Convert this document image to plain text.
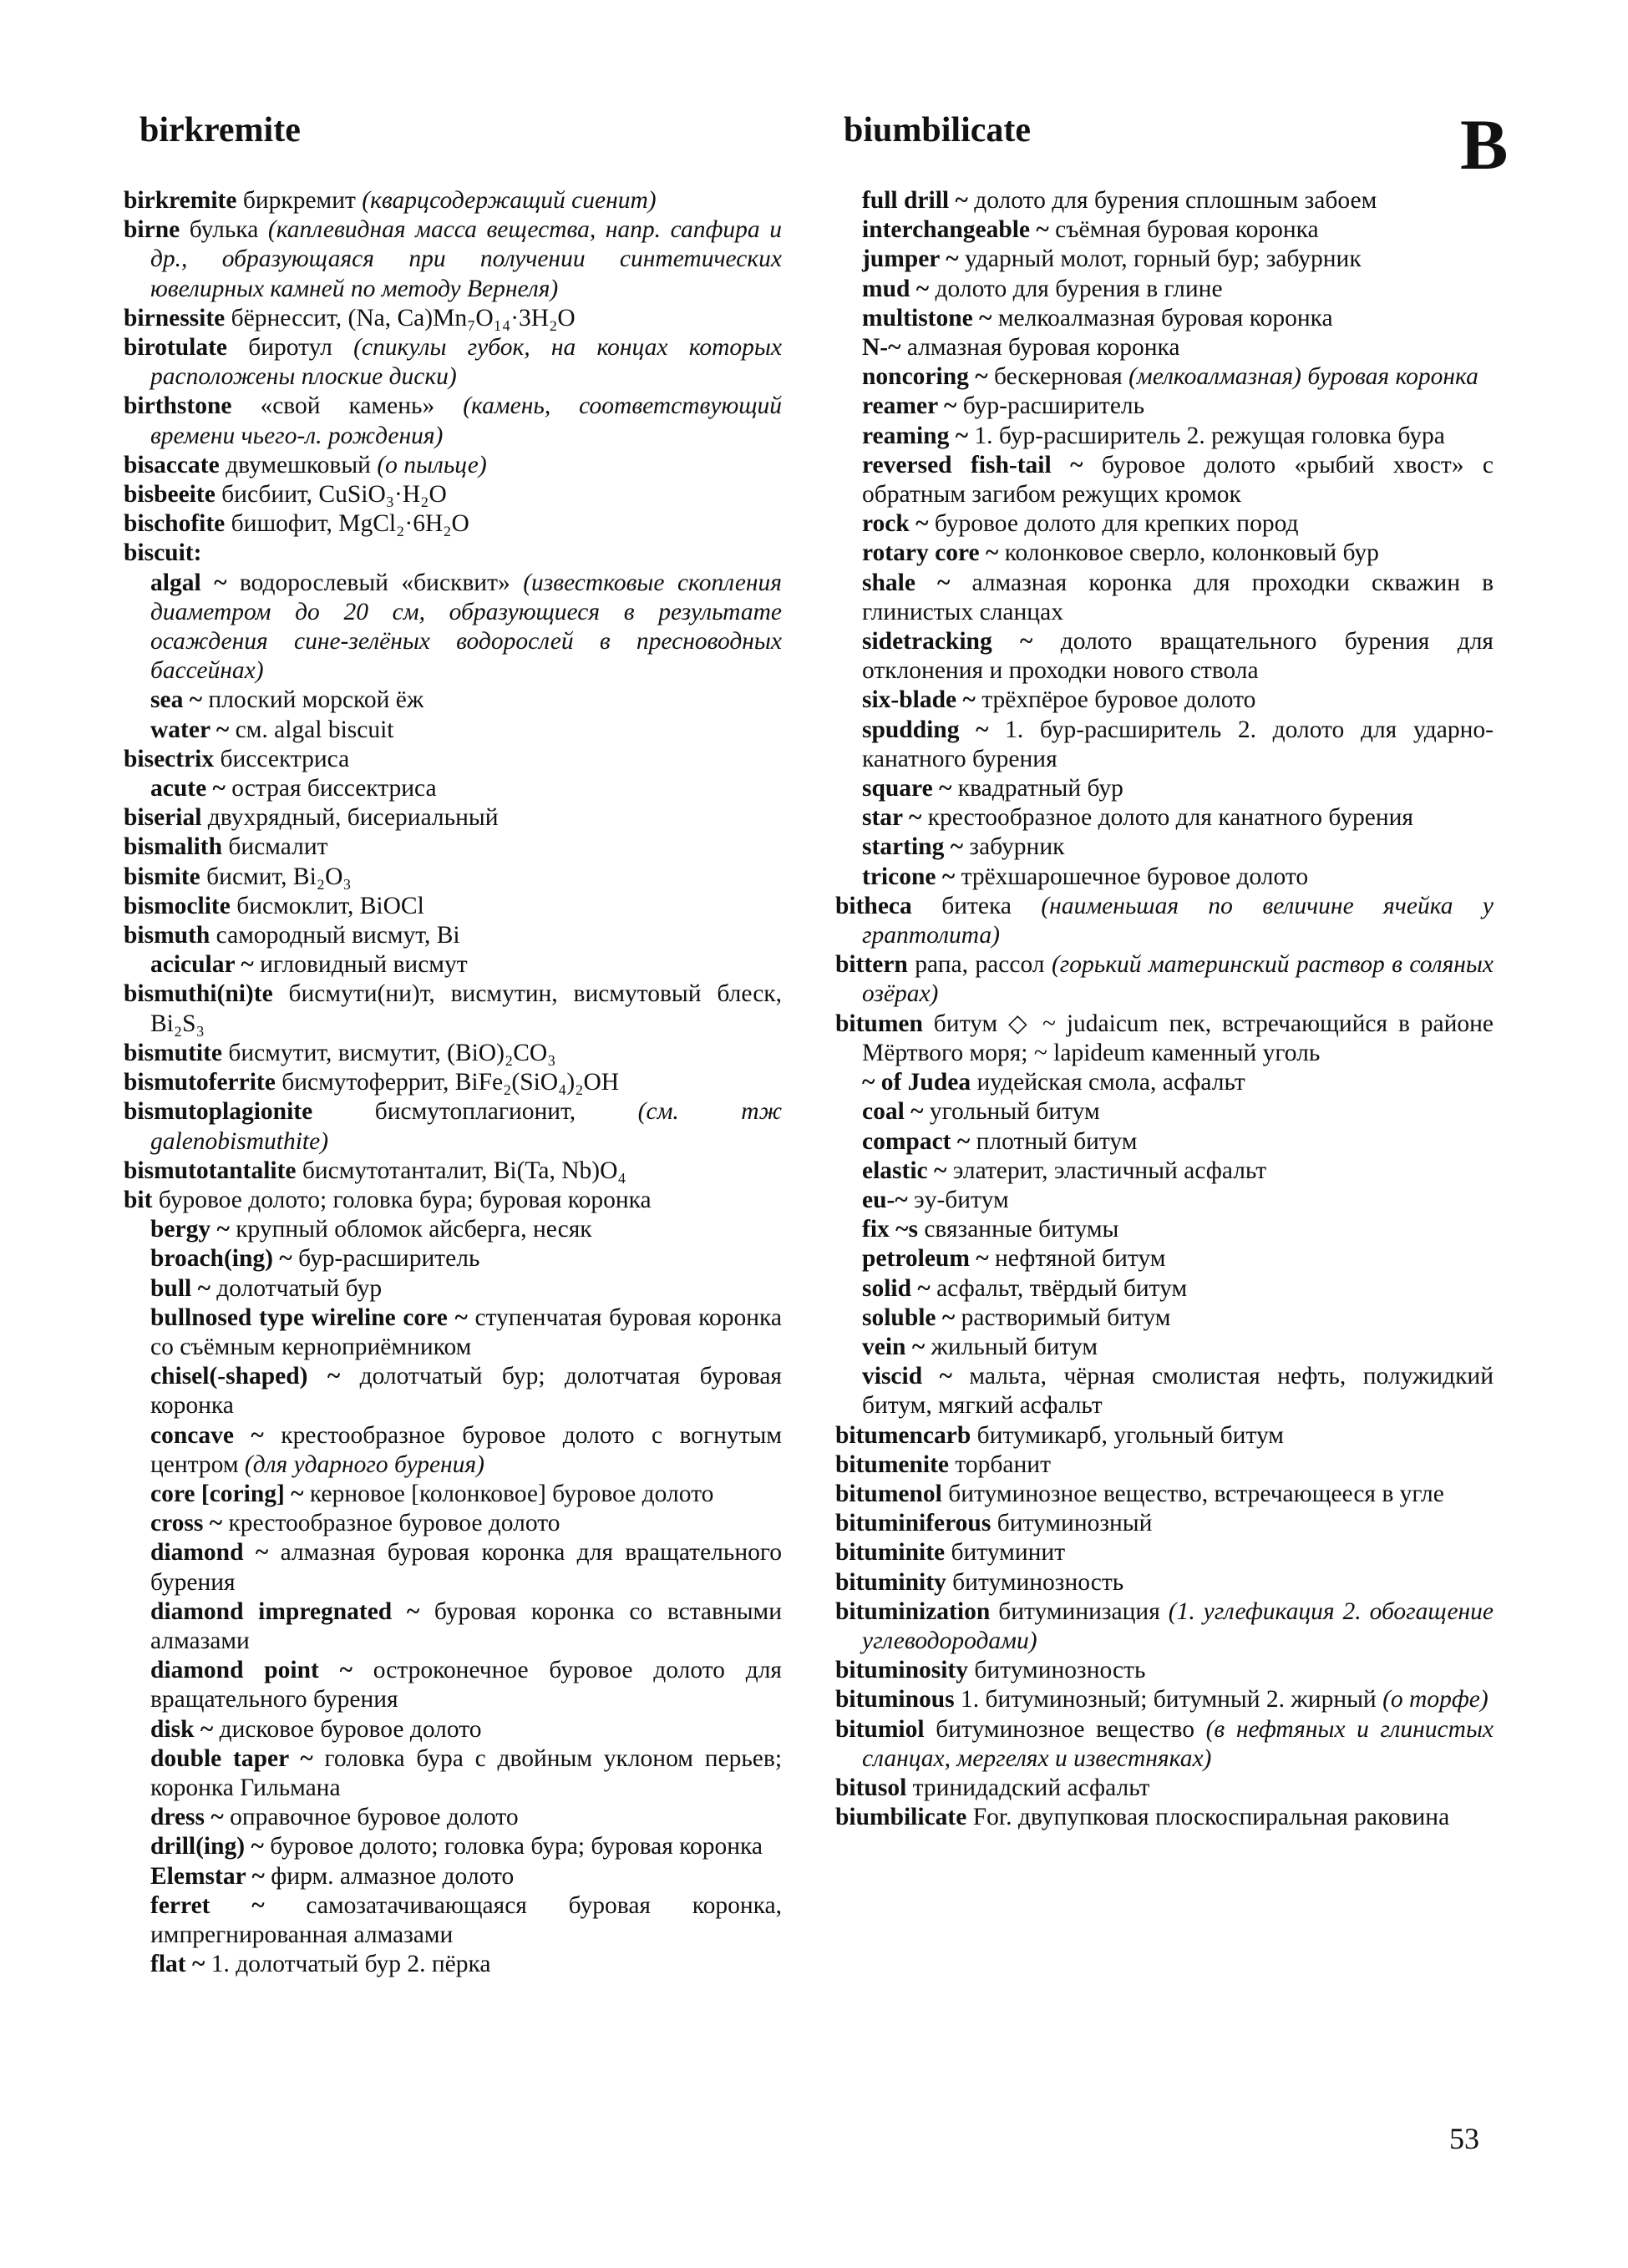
birkremite	biumbilicate	B

birkremite биркремит (кварцсодержащий сиенит)

birne булька (каплевидная масса вещества, напр. сапфира и др., образующаяся при получении синтетических ювелирных камней по методу Вернеля)

birnessite бёрнессит, (Na, Ca)Mn₇O₁₄·3H₂O

birotulate биротул (спикулы губок, на концах которых расположены плоские диски)

birthstone «свой камень» (камень, соответствующий времени чьего-л. рождения)

bisaccate двумешковый (о пыльце)

bisbeeite бисбиит, CuSiO₃·H₂O

bischofite бишофит, MgCl₂·6H₂O

biscuit:

algal ~ водорослевый «бисквит» (известковые скопления диаметром до 20 см, образующиеся в результате осаждения сине-зелёных водорослей в пресноводных бассейнах)

sea ~ плоский морской ёж

water ~ см. algal biscuit

bisectrix биссектриса

acute ~ острая биссектриса

biserial двухрядный, бисериальный

bismalith бисмалит

bismite бисмит, Bi₂O₃

bismoclite бисмоклит, BiOCl

bismuth самородный висмут, Bi

acicular ~ игловидный висмут

bismuthi(ni)te бисмути(ни)т, висмутин, висмутовый блеск, Bi₂S₃

bismutite бисмутит, висмутит, (BiO)₂CO₃

bismutoferrite бисмутоферрит, BiFe₂(SiO₄)₂OH

bismutoplagionite	бисмутоплагионит,	(см. тж galenobismuthite)

bismutotantalite бисмутотанталит, Bi(Ta, Nb)O₄

bit буровое долото; головка бура; буровая коронка

bergy ~ крупный обломок айсберга, несяк

broach(ing) ~ бур-расширитель

bull ~ долотчатый бур

bullnosed type wireline core ~ ступенчатая буровая коронка со съёмным керноприёмником

chisel(-shaped) ~ долотчатый бур; долотчатая буровая коронка

concave ~ крестообразное буровое долото с вогнутым центром (для ударного бурения)

core [coring] ~ керновое [колонковое] буровое долото

cross ~ крестообразное буровое долото

diamond ~ алмазная буровая коронка для вращательного бурения

diamond impregnated ~ буровая коронка со вставными алмазами

diamond point ~ остроконечное буровое долото для вращательного бурения

disk ~ дисковое буровое долото

double taper ~ головка бура с двойным уклоном перьев; коронка Гильмана

dress ~ оправочное буровое долото

drill(ing) ~ буровое долото; головка бура; буровая коронка

Elemstar ~ фирм. алмазное долото

ferret ~ самозатачивающаяся буровая коронка, импрегнированная алмазами

flat ~ 1. долотчатый бур 2. пёрка

full drill ~ долото для бурения сплошным забоем

interchangeable ~ съёмная буровая коронка

jumper ~ ударный молот, горный бур; забурник

mud ~ долото для бурения в глине

multistone ~ мелкоалмазная буровая коронка

N-~ алмазная буровая коронка

noncoring ~ бескерновая (мелкоалмазная) буровая коронка

reamer ~ бур-расширитель

reaming ~ 1. бур-расширитель 2. режущая головка бура

reversed fish-tail ~ буровое долото «рыбий хвост» с обратным загибом режущих кромок

rock ~ буровое долото для крепких пород

rotary core ~ колонковое сверло, колонковый бур

shale ~ алмазная коронка для проходки скважин в глинистых сланцах

sidetracking ~ долото вращательного бурения для отклонения и проходки нового ствола

six-blade ~ трёхпёрое буровое долото

spudding ~ 1. бур-расширитель 2. долото для ударно-канатного бурения

square ~ квадратный бур

star ~ крестообразное долото для канатного бурения

starting ~ забурник

tricone ~ трёхшарошечное буровое долото

bitheca битека (наименьшая по величине ячейка у граптолита)

bittern рапа, рассол (горький материнский раствор в соляных озёрах)

bitumen битум ◇ ~ judaicum пек, встречающийся в районе Мёртвого моря; ~ lapideum каменный уголь

~ of Judea иудейская смола, асфальт

coal ~ угольный битум

compact ~ плотный битум

elastic ~ элатерит, эластичный асфальт

eu-~ эу-битум

fix ~s связанные битумы

petroleum ~ нефтяной битум

solid ~ асфальт, твёрдый битум

soluble ~ растворимый битум

vein ~ жильный битум

viscid ~ мальта, чёрная смолистая нефть, полужидкий битум, мягкий асфальт

bitumencarb битумикарб, угольный битум

bitumenite торбанит

bitumenol битуминозное вещество, встречающееся в угле

bituminiferous битуминозный

bituminite битуминит

bituminity битуминозность

bituminization битуминизация (1. углефикация 2. обогащение углеводородами)

bituminosity битуминозность

bituminous 1. битуминозный; битумный 2. жирный (о торфе)

bitumiol битуминозное вещество (в нефтяных и глинистых сланцах, мергелях и известняках)

bitusol тринидадский асфальт

biumbilicate For. двупупковая плоскоспиральная раковина

53
